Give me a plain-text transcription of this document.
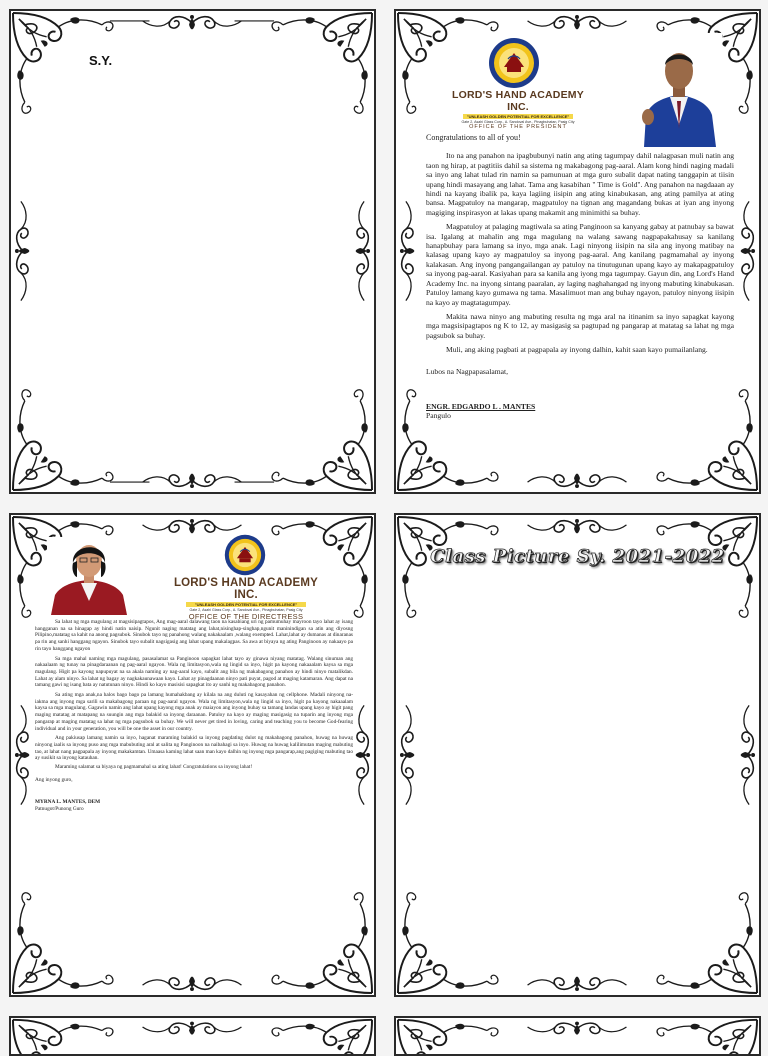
S.Y.
LORD'S HAND ACADEMY INC.
"UNLEASH GOLDEN POTENTIAL FOR EXCELLENCE"
Gate 2, Asahi Glass Corp., A. Sandoval Ave., Pinagbuhatan, Pasig City
OFFICE OF THE PRESIDENT

Congratulations to all of you!

Ito na ang panahon na ipagbubunyi natin ang ating tagumpay dahil nalagpasan muli natin ang taon ng hirap, at pagtitiis dahil sa sistema ng makabagong pag-aaral. Alam kong hindi naging madali sa inyo ang lahat tulad rin namin sa pamunuan at mga guro subalit dapat nating tanggapin at tiisin upang hindi masayang ang lahat. Tama ang kasabihan " Time is Gold". Ang panahon na nagdaaan ay hindi na kayang ibalik pa, kaya lagiing iisipin ang ating kinabukasan, ang ating pamilya at ating bansa. Magpatuloy na mangarap, magpatuloy na tignan ang magandang bukas at iyan ang inyong magiging inspirasyon at lakas upang makamit ang minimithi sa buhay.

Magpatuloy at palaging magtiwala sa ating Panginoon sa kanyang gabay at patnubay sa bawat isa. Igalang at mahalin ang mga magulang na walang sawang nagpapakahusay sa kanilang hanapbuhay para lamang sa inyo, mga anak. Lagi ninyong iisipin na sila ang inyong matibay na kalasag upang kayo ay magpatuloy sa inyong pag-aaral. Ang kanilang pagmamahal ay inyong kalakasan. Ang inyong pangangailangan ay patuloy na tinutugunan upang kayo ay makapagpatuloy sa inyong pag-aaral. Kasiyahan para sa kanila ang iyong mga tagumpay. Gayun din, ang Lord's Hand Academy Inc. na inyong sintang paaralan, ay laging naghahangad ng inyong mabuting kinabukasan. Patuloy lamang kayo gumawa ng tama. Masalimuot man ang buhay ngayon, patuloy ninyong iisipin na kayo ay magtatagumpay.

Makita nawa ninyo ang mabuting resulta ng mga aral na itinanim sa inyo sapagkat kayong mga magsisipagtapos ng K to 12, ay masigasig sa pagtupad ng pangarap at matatag sa lahat ng mga pagsubok sa buhay.

Muli, ang aking pagbati at pagpapala ay inyong dalhin, kahit saan kayo pumailanlang.

Lubos na Nagpapasalamat,

ENGR. EDGARDO L . MANTES

Pangulo

LORD'S HAND ACADEMY INC.
"UNLEASH GOLDEN POTENTIAL FOR EXCELLENCE"
Gate 2, Asahi Glass Corp., A. Sandoval Ave., Pinagbuhatan, Pasig City
OFFICE OF THE DIRECTRESS

Sa lahat ng mga magulang at magsisipagtapos, Ang mag-aaral dalawang taon na kasabiang uri ng pamumuhay mayroon tayo lahat ay isang hangganan na sa hinagap ay hindi natin naisip. Ngunit naging matatag ang lahat,nisinghap-singhap,ngunit maninindigan sa atin ang diyosng Pilipino,matatag sa kahit na anong pagsubok. Sinubok tayo ng panahong walang nakakaalam ,walang exempted. Lahat,lahat ay dumanas at dinaranas pa rin ang sanhi hanggang ngayon. Sinubok tayo subalit nagsigasig ang lahat upang makalagpas. Sa awa at biyaya ng ating Panginoon ay nakaayo pa rin tayo hanggang ngayon

Sa mga mahal naming mga magulang, pasasalamat sa Panginoon sapagkat lahat tayo ay ginawa niyang matatag. Walang sinuman ang nakaalaam ng tunay na pinagdaraanan ng pag-aaral ngayon. Wala ng limitasyon,wala ng lingid sa inyo, higit pa kayong nakaaalam kaysa sa mga magulang. Higit pa kayong napupuyat na sa akala naming ay nag-aaral kayo, subalit ang bila ng makabagong panahon ay hindi ninyo matalikdan. Lahat ay alam ninyo. Sa lahat ng bagay ay nagkakaunawaan kayo. Lahat ay pinagdaanan ninyo pati puyat, pagod at maging katamaran. Ang dapat na tamang gawi ng isang bata ay natutunan ninyo. Hindi ko kayo masisisi sapagkat ito ay sanhi ng makabagong panahon.

Sa ating mga anak,na halos bago bago pa lamang humahakbang ay kilala na ang duluti ng kasayahan ng cellphone. Madali ninyong na-iakma ang inyong mga sarili sa makabagong paraan ng pag-aaral ngayon. Wala ng limitasyon,wala ng lingid sa inyo, higit pa kayong nakaaalam kaysa sa mga magulang. Gagawin namin ang lahat upang kayong mga anak ay maiayon ang inyong buhay sa tamang landas upang kayo ay higit pang maging matatag at matapang na suungin ang mga balakid sa inyong daraanan. Patuloy na kayo ay maging masigasig na tuparin ang inyong mga pangarap at maging matatag sa lahat ng mga pagsubok sa buhay. We will never get tired in loving, caring and teaching you to become God-fearing individual and in your generation, you will be one the asset in our country.

Ang pakiusap lamang namin sa inyo, haganat maraming balakid sa inyong pagdating dulot ng makabagong panahon, huwag na huwag ninyong iaalis sa inyong puso ang mga mabubuting aral at salita ng Panginoon na naibahagi sa inyo. Huwag na huwag kalilimutan maging mabuting tao, at lahat nang pagpapala ay inyong makakamtan. Umaasa kaming lahat saan man kayo dalhin ng inyong mga pangarap,ang pagiging mabuting tao ay susikit sa inyong katauhan.

Maraming salamat sa biyaya ng pagmamahal sa ating lahat! Congratulations sa inyong lahat!

Ang inyong guro,

MYRNA L. MANTES, DEM

Patnugot/Punong Guro

Class Picture Sy. 2021-2022
